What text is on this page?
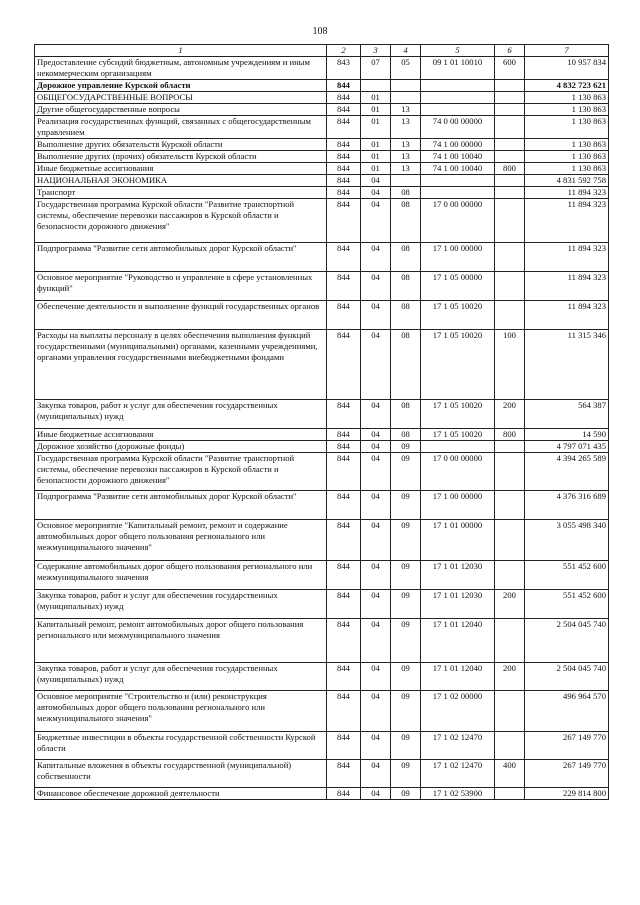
108
1	2	3	4	5	6	7
Предоставление субсидий бюджетным, автономным учреждениям и иным некоммерческим организациям	843	07	05	09 1 01 10010	600	10 957 834
Дорожное управление Курской области	844					4 832 723 621
ОБЩЕГОСУДАРСТВЕННЫЕ ВОПРОСЫ	844	01				1 130 863
Другие общегосударственные вопросы	844	01	13			1 130 863
Реализация государственных функций, связанных с общегосударственным управлением	844	01	13	74 0 00 00000		1 130 863
Выполнение других обязательств Курской области	844	01	13	74 1 00 00000		1 130 863
Выполнение других (прочих) обязательств Курской области	844	01	13	74 1 00 10040		1 130 863
Иные бюджетные ассигнования	844	01	13	74 1 00 10040	800	1 130 863
НАЦИОНАЛЬНАЯ ЭКОНОМИКА	844	04				4 831 592 758
Транспорт	844	04	08			11 894 323
Государственная программа Курской области "Развитие транспортной системы, обеспечение перевозки пассажиров в Курской области и безопасности дорожного движения"	844	04	08	17 0 00 00000		11 894 323
Подпрограмма "Развитие сети автомобильных дорог Курской области"	844	04	08	17 1 00 00000		11 894 323
Основное мероприятие "Руководство и управление в сфере установленных функций"	844	04	08	17 1 05 00000		11 894 323
Обеспечение деятельности и выполнение функций государственных органов	844	04	08	17 1 05 10020		11 894 323
Расходы на выплаты персоналу в целях обеспечения выполнения функций государственными (муниципальными) органами, казенными учреждениями, органами управления государственными внебюджетными фондами	844	04	08	17 1 05 10020	100	11 315 346
Закупка товаров, работ и услуг для обеспечения государственных (муниципальных) нужд	844	04	08	17 1 05 10020	200	564 387
Иные бюджетные ассигнования	844	04	08	17 1 05 10020	800	14 590
Дорожное хозяйство (дорожные фонды)	844	04	09			4 797 071 435
Государственная программа Курской области "Развитие транспортной системы, обеспечение перевозки пассажиров в Курской области и безопасности дорожного движения"	844	04	09	17 0 00 00000		4 394 265 589
Подпрограмма "Развитие сети автомобильных дорог Курской области"	844	04	09	17 1 00 00000		4 376 316 689
Основное мероприятие "Капитальный ремонт, ремонт и содержание автомобильных дорог общего пользования регионального или межмуниципального значения"	844	04	09	17 1 01 00000		3 055 498 340
Содержание автомобильных дорог общего пользования регионального или межмуниципального значения	844	04	09	17 1 01 12030		551 452 600
Закупка товаров, работ и услуг для обеспечения государственных (муниципальных) нужд	844	04	09	17 1 01 12030	200	551 452 600
Капитальный ремонт, ремонт автомобильных дорог общего пользования регионального или межмуниципального значения	844	04	09	17 1 01 12040		2 504 045 740
Закупка товаров, работ и услуг для обеспечения государственных (муниципальных) нужд	844	04	09	17 1 01 12040	200	2 504 045 740
Основное мероприятие "Строительство и (или) реконструкция автомобильных дорог общего пользования регионального или межмуниципального значения"	844	04	09	17 1 02 00000		496 964 570
Бюджетные инвестиции в объекты государственной собственности Курской области	844	04	09	17 1 02 12470		267 149 770
Капитальные вложения в объекты государственной (муниципальной) собственности	844	04	09	17 1 02 12470	400	267 149 770
Финансовое обеспечение дорожной деятельности	844	04	09	17 1 02 53900		229 814 800
